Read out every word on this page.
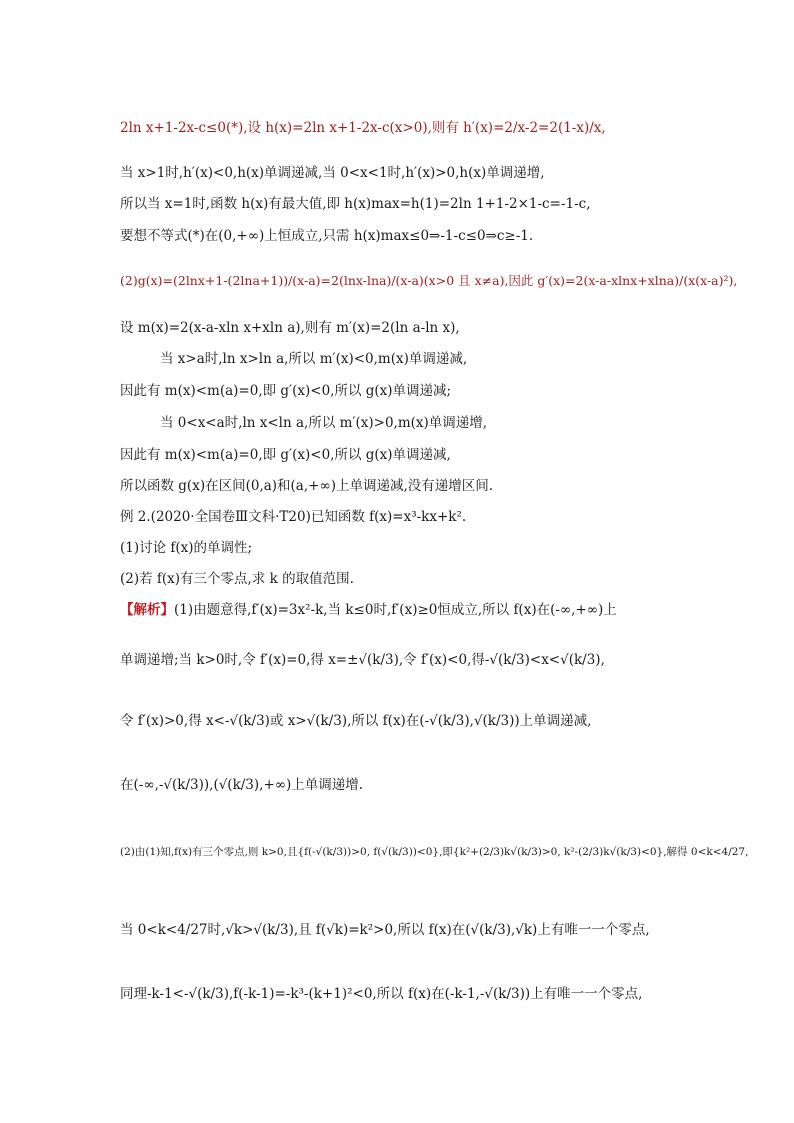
2ln x+1-2x-c≤0(*),设 h(x)=2ln x+1-2x-c(x>0),则有 h′(x)=2/x-2=2(1-x)/x,
当 x>1时,h′(x)<0,h(x)单调递减,当 0<x<1时,h′(x)>0,h(x)单调递增,
所以当 x=1时,函数 h(x)有最大值,即 h(x)max=h(1)=2ln 1+1-2×1-c=-1-c,
要想不等式(*)在(0,+∞)上恒成立,只需 h(x)max≤0⇒-1-c≤0⇒c≥-1.
(2)g(x)=(2lnx+1-(2lna+1))/(x-a)=2(lnx-lna)/(x-a)(x>0 且 x≠a),因此 g′(x)=2(x-a-xlnx+xlna)/(x(x-a)²),
设 m(x)=2(x-a-xln x+xln a),则有 m′(x)=2(ln a-ln x),
当 x>a时,ln x>ln a,所以 m′(x)<0,m(x)单调递减,
因此有 m(x)<m(a)=0,即 g′(x)<0,所以 g(x)单调递减;
当 0<x<a时,ln x<ln a,所以 m′(x)>0,m(x)单调递增,
因此有 m(x)<m(a)=0,即 g′(x)<0,所以 g(x)单调递减,
所以函数 g(x)在区间(0,a)和(a,+∞)上单调递减,没有递增区间.
例 2.(2020·全国卷Ⅲ文科·T20)已知函数 f(x)=x³-kx+k².
(1)讨论 f(x)的单调性;
(2)若 f(x)有三个零点,求 k 的取值范围.
【解析】(1)由题意得,f′(x)=3x²-k,当 k≤0时,f′(x)≥0恒成立,所以 f(x)在(-∞,+∞)上
单调递增;当 k>0时,令 f′(x)=0,得 x=±√(k/3),令 f′(x)<0,得-√(k/3)<x<√(k/3),
令 f′(x)>0,得 x<-√(k/3)或 x>√(k/3),所以 f(x)在(-√(k/3),√(k/3))上单调递减,
在(-∞,-√(k/3)),(√(k/3),+∞)上单调递增.
(2)由(1)知,f(x)有三个零点,则 k>0,且{f(-√(k/3))>0, f(√(k/3))<0},即{k²+(2/3)k√(k/3)>0, k²-(2/3)k√(k/3)<0},解得 0<k<4/27,
当 0<k<4/27时,√k>√(k/3),且 f(√k)=k²>0,所以 f(x)在(√(k/3),√k)上有唯一一个零点,
同理-k-1<-√(k/3),f(-k-1)=-k³-(k+1)²<0,所以 f(x)在(-k-1,-√(k/3))上有唯一一个零点,
